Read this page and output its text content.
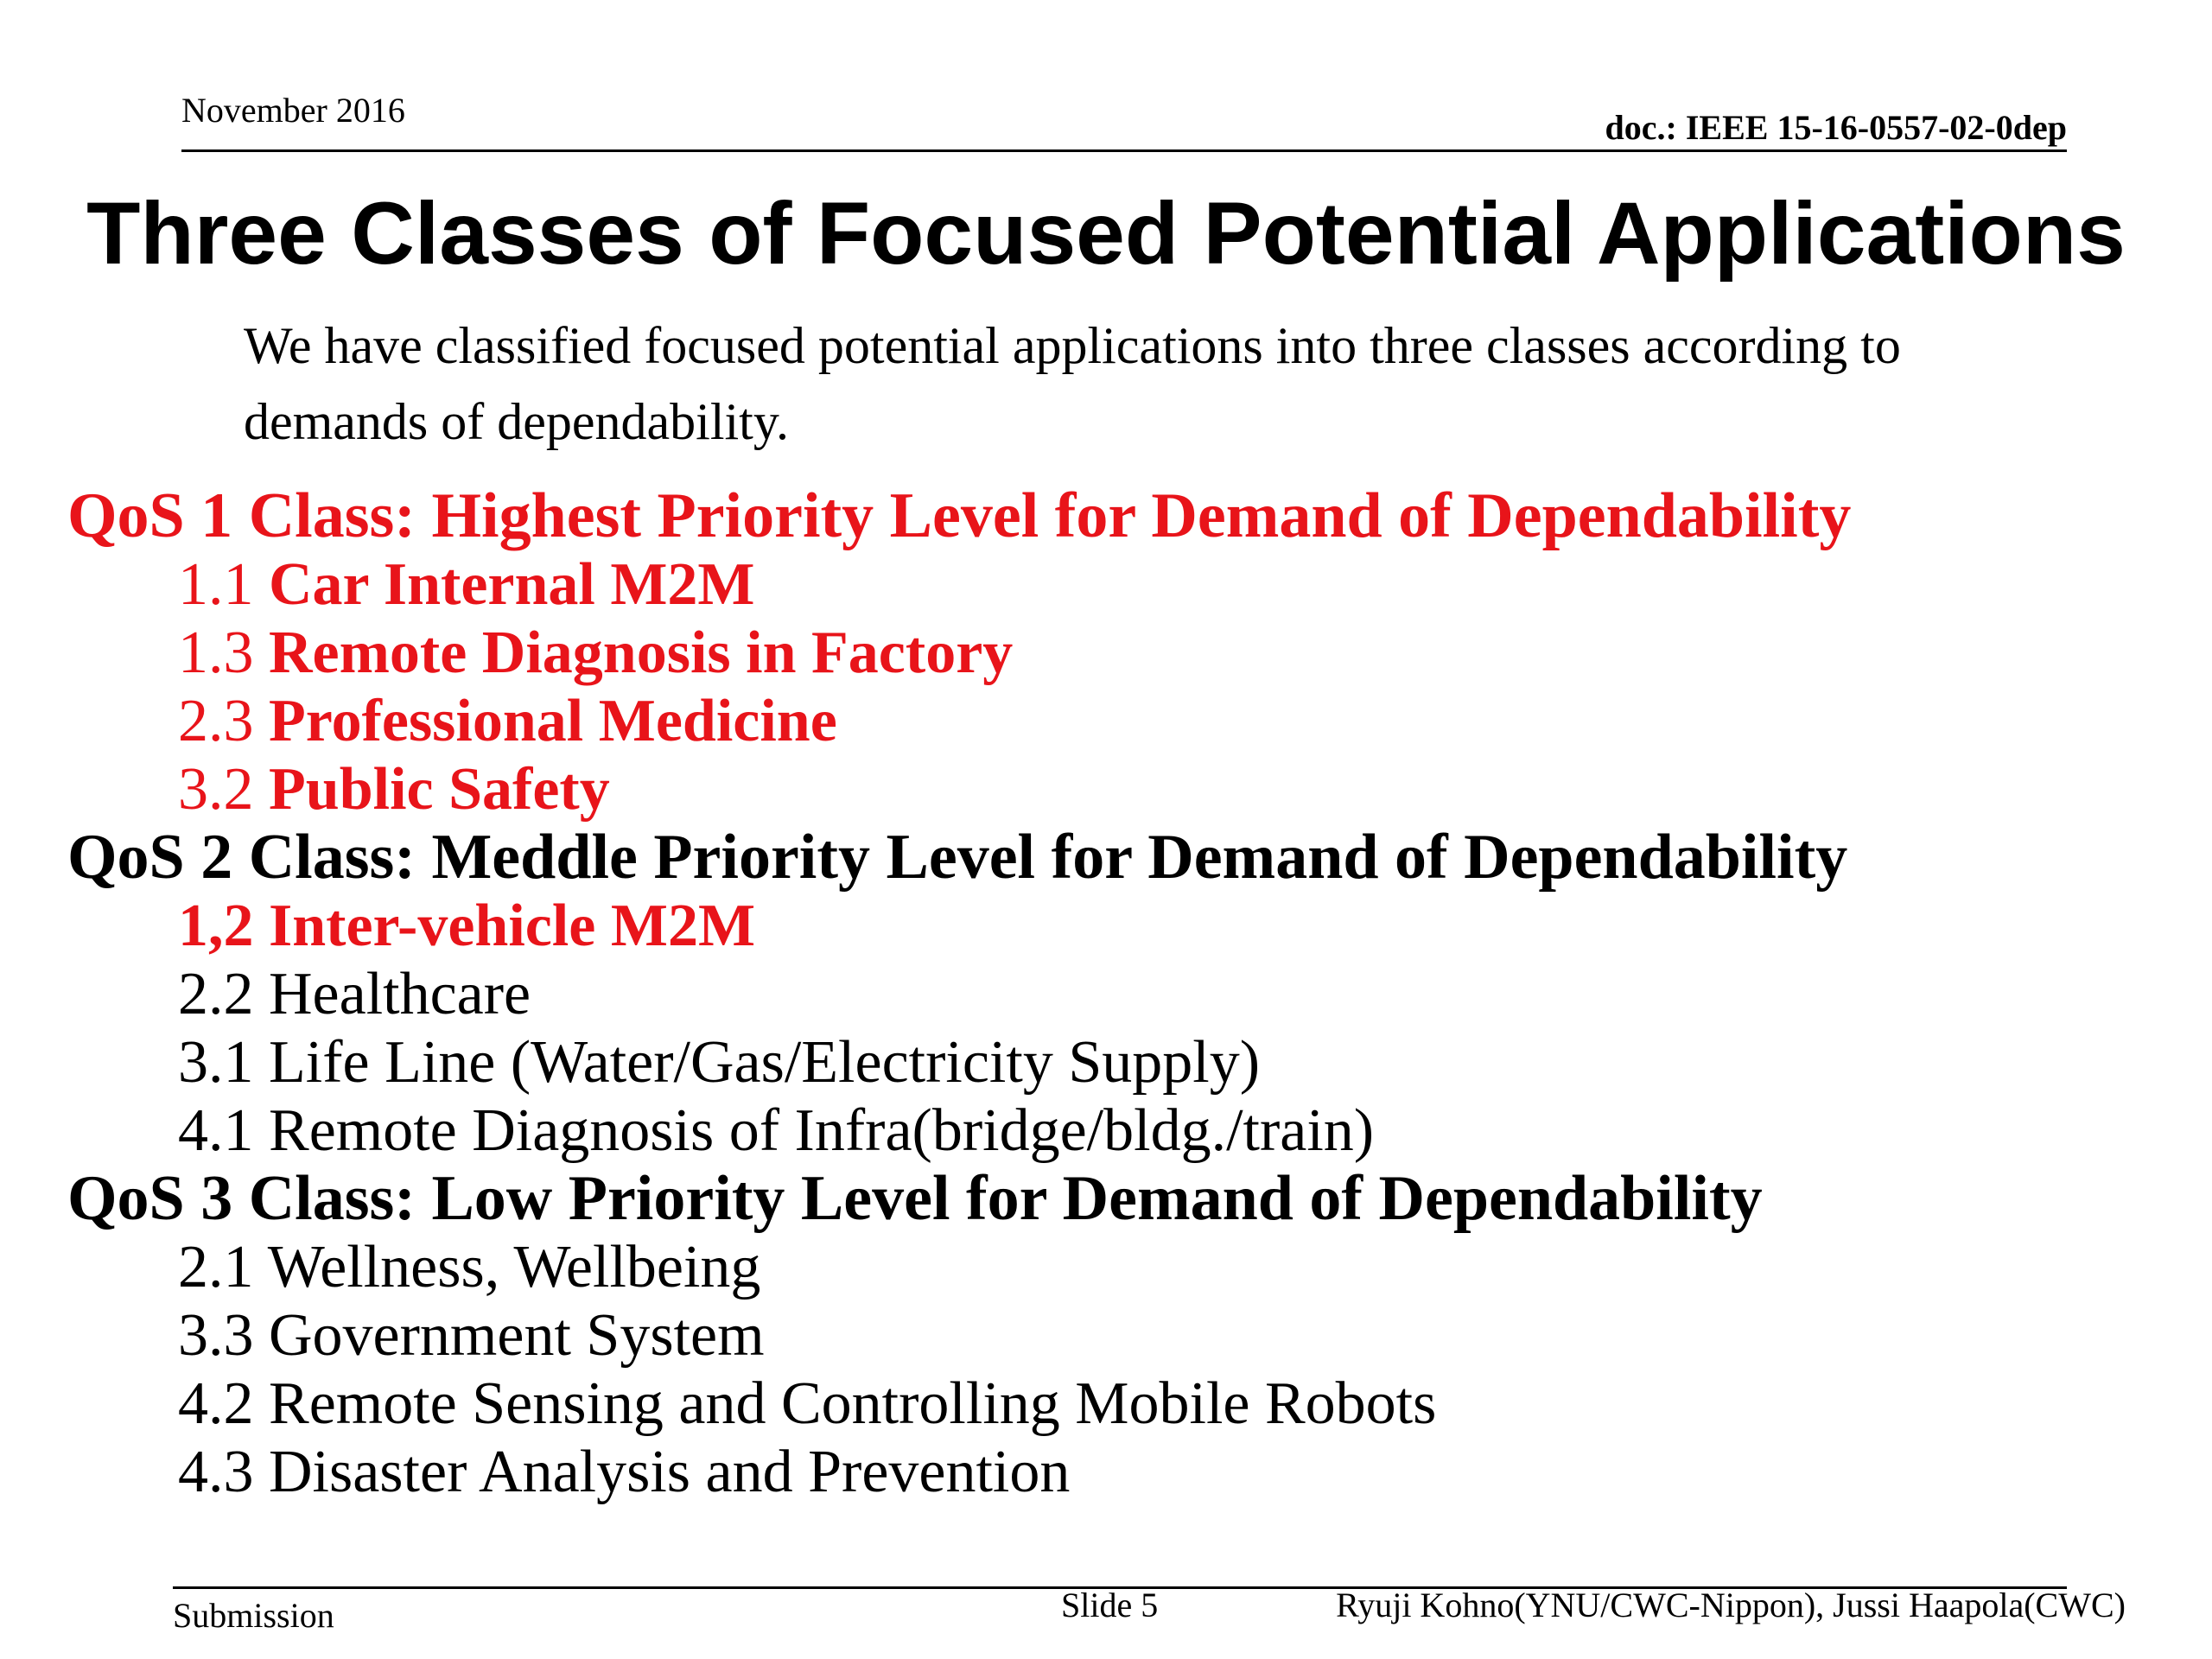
November 2016	doc.: IEEE 15-16-0557-02-0dep
Three Classes of Focused Potential Applications
We have classified focused potential applications into three classes according to demands of dependability.
QoS 1 Class: Highest Priority Level for Demand of Dependability
1.1 Car Internal M2M
1.3 Remote Diagnosis in Factory
2.3 Professional Medicine
3.2 Public Safety
QoS 2 Class: Meddle Priority Level for Demand of Dependability
1,2 Inter-vehicle M2M
2.2 Healthcare
3.1 Life Line (Water/Gas/Electricity Supply)
4.1 Remote Diagnosis of Infra(bridge/bldg./train)
QoS 3 Class: Low Priority Level for Demand of Dependability
2.1 Wellness, Wellbeing
3.3 Government System
4.2 Remote Sensing and Controlling Mobile Robots
4.3 Disaster Analysis and Prevention
Submission	Slide 5	Ryuji Kohno(YNU/CWC-Nippon), Jussi Haapola(CWC)
